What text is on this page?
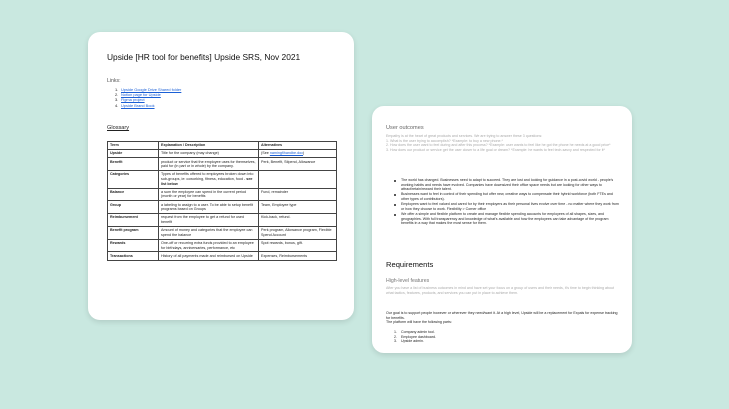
Upside [HR tool for benefits] Upside SRS, Nov 2021
Links:
1. Upside Google Drive Shared folder
2. Notion page for Upside
3. Figma project
4. Upside Brand Book
Glossary
Term	Explanation / Description	Alternatives
Upside	Title for the company (may change)	(See namingflhandbe.doc)
Benefit	product or service that the employee uses for themselves, paid for (in part or in whole) by the company.	Perk, Benefit, Stipend, Allowance
Categories	Types of benefits offered to employees broken down into sub-groups, ie: coworking, fitness, education, food - see list below	
Balance	a sum the employee can spend in the current period (month or year) for benefits	Fund, remainder
Group	a labeling to assign to a user. To be able to setup benefit programs based on Groups	Team, Employee type
Reimbursement	request from the employee to get a refund for used benefit	Kick-back, refund.
Benefit program	Amount of money and categories that the employee can spend the balance	Perk program, Allowance program, Flexible Spend Account
Rewards	One-off or recurring extra funds provided to an employee for birthdays, anniversaries, performance, etc	Spot rewards, bonus, gift.
Transactions	History of all payments made and reimbursed on Upside	Expenses, Reimbursements
User outcomes
Empathy is at the heart of great products and services. We are trying to answer these 3 questions:
1. What is the user trying to accomplish? *Example: to buy a new phone.*
2. How does the user want to feel during and after this process? *Example: user wants to feel like he got the phone he needs at a good price*
3. How does our product or service get the user closer to a life goal or dream? *Example: he wants to feel tech-savvy and respected for it*
The world has changed. Businesses need to adapt to succeed. They are lost and looking for guidance in a post-covid world - people's working habits and needs have evolved. Companies have downsized their office space needs but are looking for other ways to attract/retain/reward their talent.
Businesses want to feel in control of their spending but offer new, creative ways to compensate their hybrid workforce (both FTEs and other types of contributors).
Employees want to feel valued and cared for by their employers as their personal lives evolve over time - no matter where they work from or how they choose to work. Flexibility > Corner office
We offer a simple and flexible platform to create and manage flexible spending accounts for employees of all shapes, sizes, and geographies. With full transparency and knowledge of what's available and how the employees can take advantage of the program benefits in a way that makes the most sense for them.
Requirements
High-level features
After you have a list of business outcomes in mind and have set your focus on a group of users and their needs, it's time to begin thinking about what tactics, features, products, and services you can put in place to achieve them.
Our goal is to support people however or wherever they need/want it. At a high level, Upside will be a replacement for Expals for expense tracking for benefits.
The platform will have the following parts:
1. Company admin tool.
2. Employee dashboard.
3. Upside admin.
